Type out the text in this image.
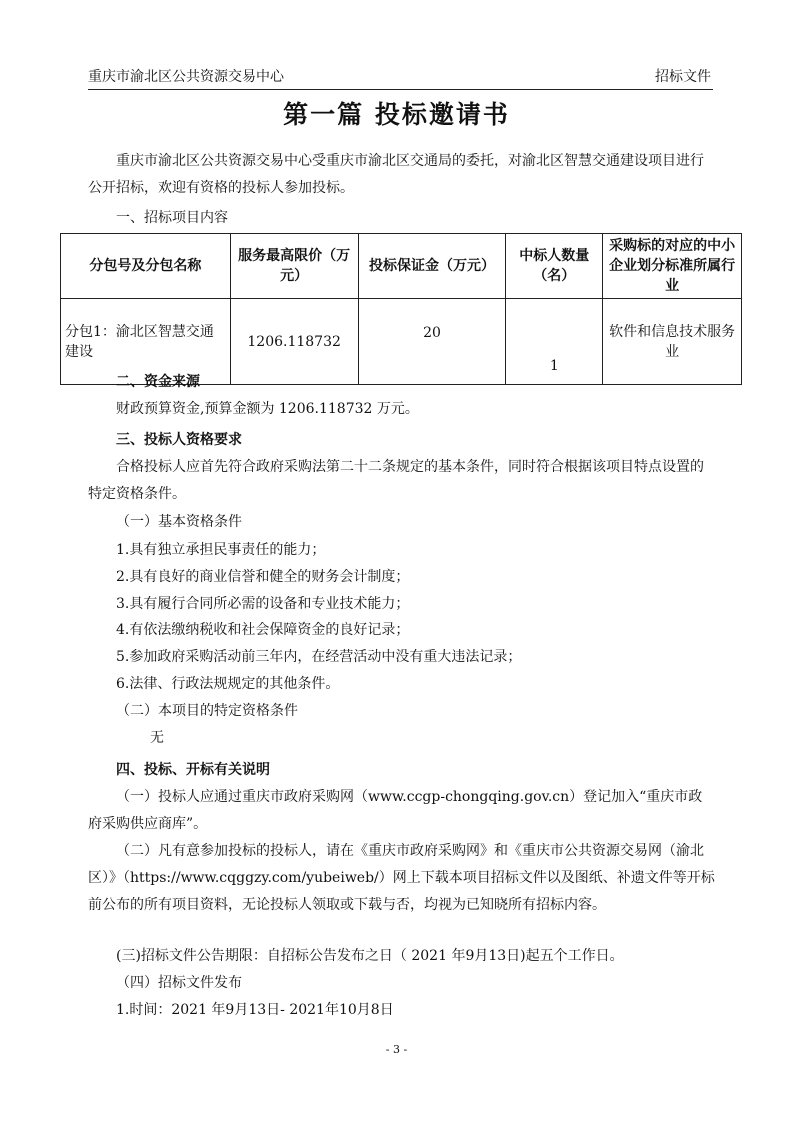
重庆市渝北区公共资源交易中心	招标文件
第一篇 投标邀请书

重庆市渝北区公共资源交易中心受重庆市渝北区交通局的委托，对渝北区智慧交通建设项目进行公开招标，欢迎有资格的投标人参加投标。

一、招标项目内容
分包号及分包名称	服务最高限价（万元）	投标保证金（万元）	中标人数量（名）	采购标的对应的中小企业划分标准所属行业
分包1：渝北区智慧交通建设	1206.118732	20	1	软件和信息技术服务业
二、资金来源
财政预算资金,预算金额为 1206.118732 万元。
三、投标人资格要求

合格投标人应首先符合政府采购法第二十二条规定的基本条件，同时符合根据该项目特点设置的特定资格条件。

（一）基本资格条件
1.具有独立承担民事责任的能力；
2.具有良好的商业信誉和健全的财务会计制度；
3.具有履行合同所必需的设备和专业技术能力；
4.有依法缴纳税收和社会保障资金的良好记录；
5.参加政府采购活动前三年内，在经营活动中没有重大违法记录；
6.法律、行政法规规定的其他条件。
（二）本项目的特定资格条件
无
四、投标、开标有关说明

（一）投标人应通过重庆市政府采购网（www.ccgp-chongqing.gov.cn）登记加入“重庆市政府采购供应商库”。

（二）凡有意参加投标的投标人，请在《重庆市政府采购网》和《重庆市公共资源交易网（渝北区）》（https://www.cqggzy.com/yubeiweb/）网上下载本项目招标文件以及图纸、补遗文件等开标前公布的所有项目资料，无论投标人领取或下载与否，均视为已知晓所有招标内容。

(三)招标文件公告期限：自招标公告发布之日（ 2021 年9月13日)起五个工作日。
（四）招标文件发布
1.时间：2021 年9月13日- 2021年10月8日
- 3 -
